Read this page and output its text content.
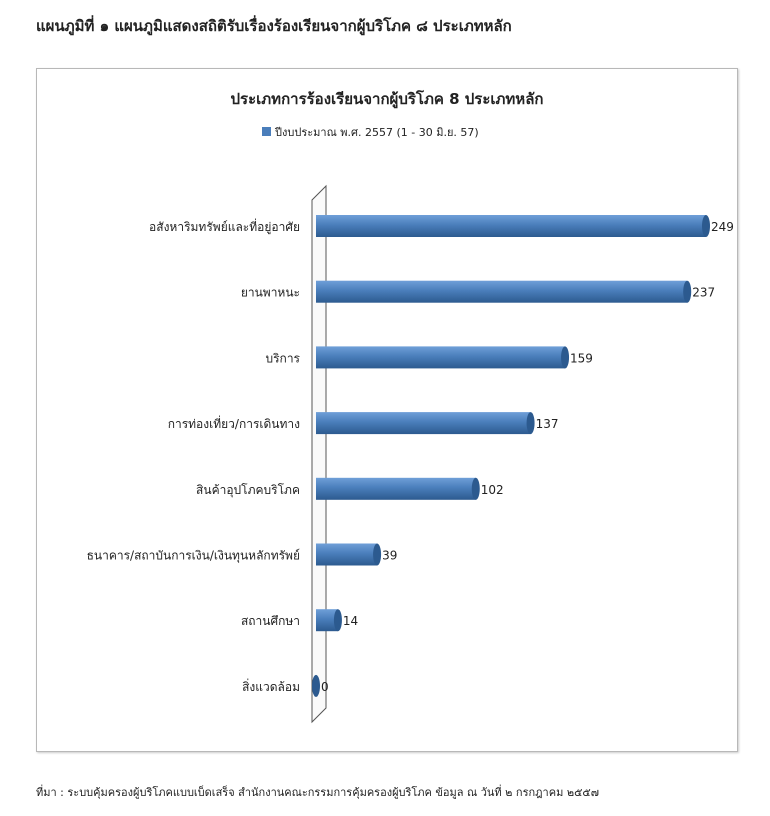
แผนภูมิที่ ๑ แผนภูมิแสดงสถิติรับเรื่องร้องเรียนจากผู้บริโภค ๘ ประเภทหลัก
ประเภทการร้องเรียนจากผู้บริโภค 8 ประเภทหลัก
ปีงบประมาณ พ.ศ. 2557 (1 - 30 มิ.ย. 57)
อสังหาริมทรัพย์และที่อยู่อาศัย	249
ยานพาหนะ	237
บริการ	159
การท่องเที่ยว/การเดินทาง	137
สินค้าอุปโภคบริโภค	102
ธนาคาร/สถาบันการเงิน/เงินทุนหลักทรัพย์	39
สถานศึกษา	14
สิ่งแวดล้อม 0
ที่มา : ระบบคุ้มครองผู้บริโภคแบบเบ็ดเสร็จ สำนักงานคณะกรรมการคุ้มครองผู้บริโภค ข้อมูล ณ วันที่ ๒ กรกฎาคม ๒๕๕๗
